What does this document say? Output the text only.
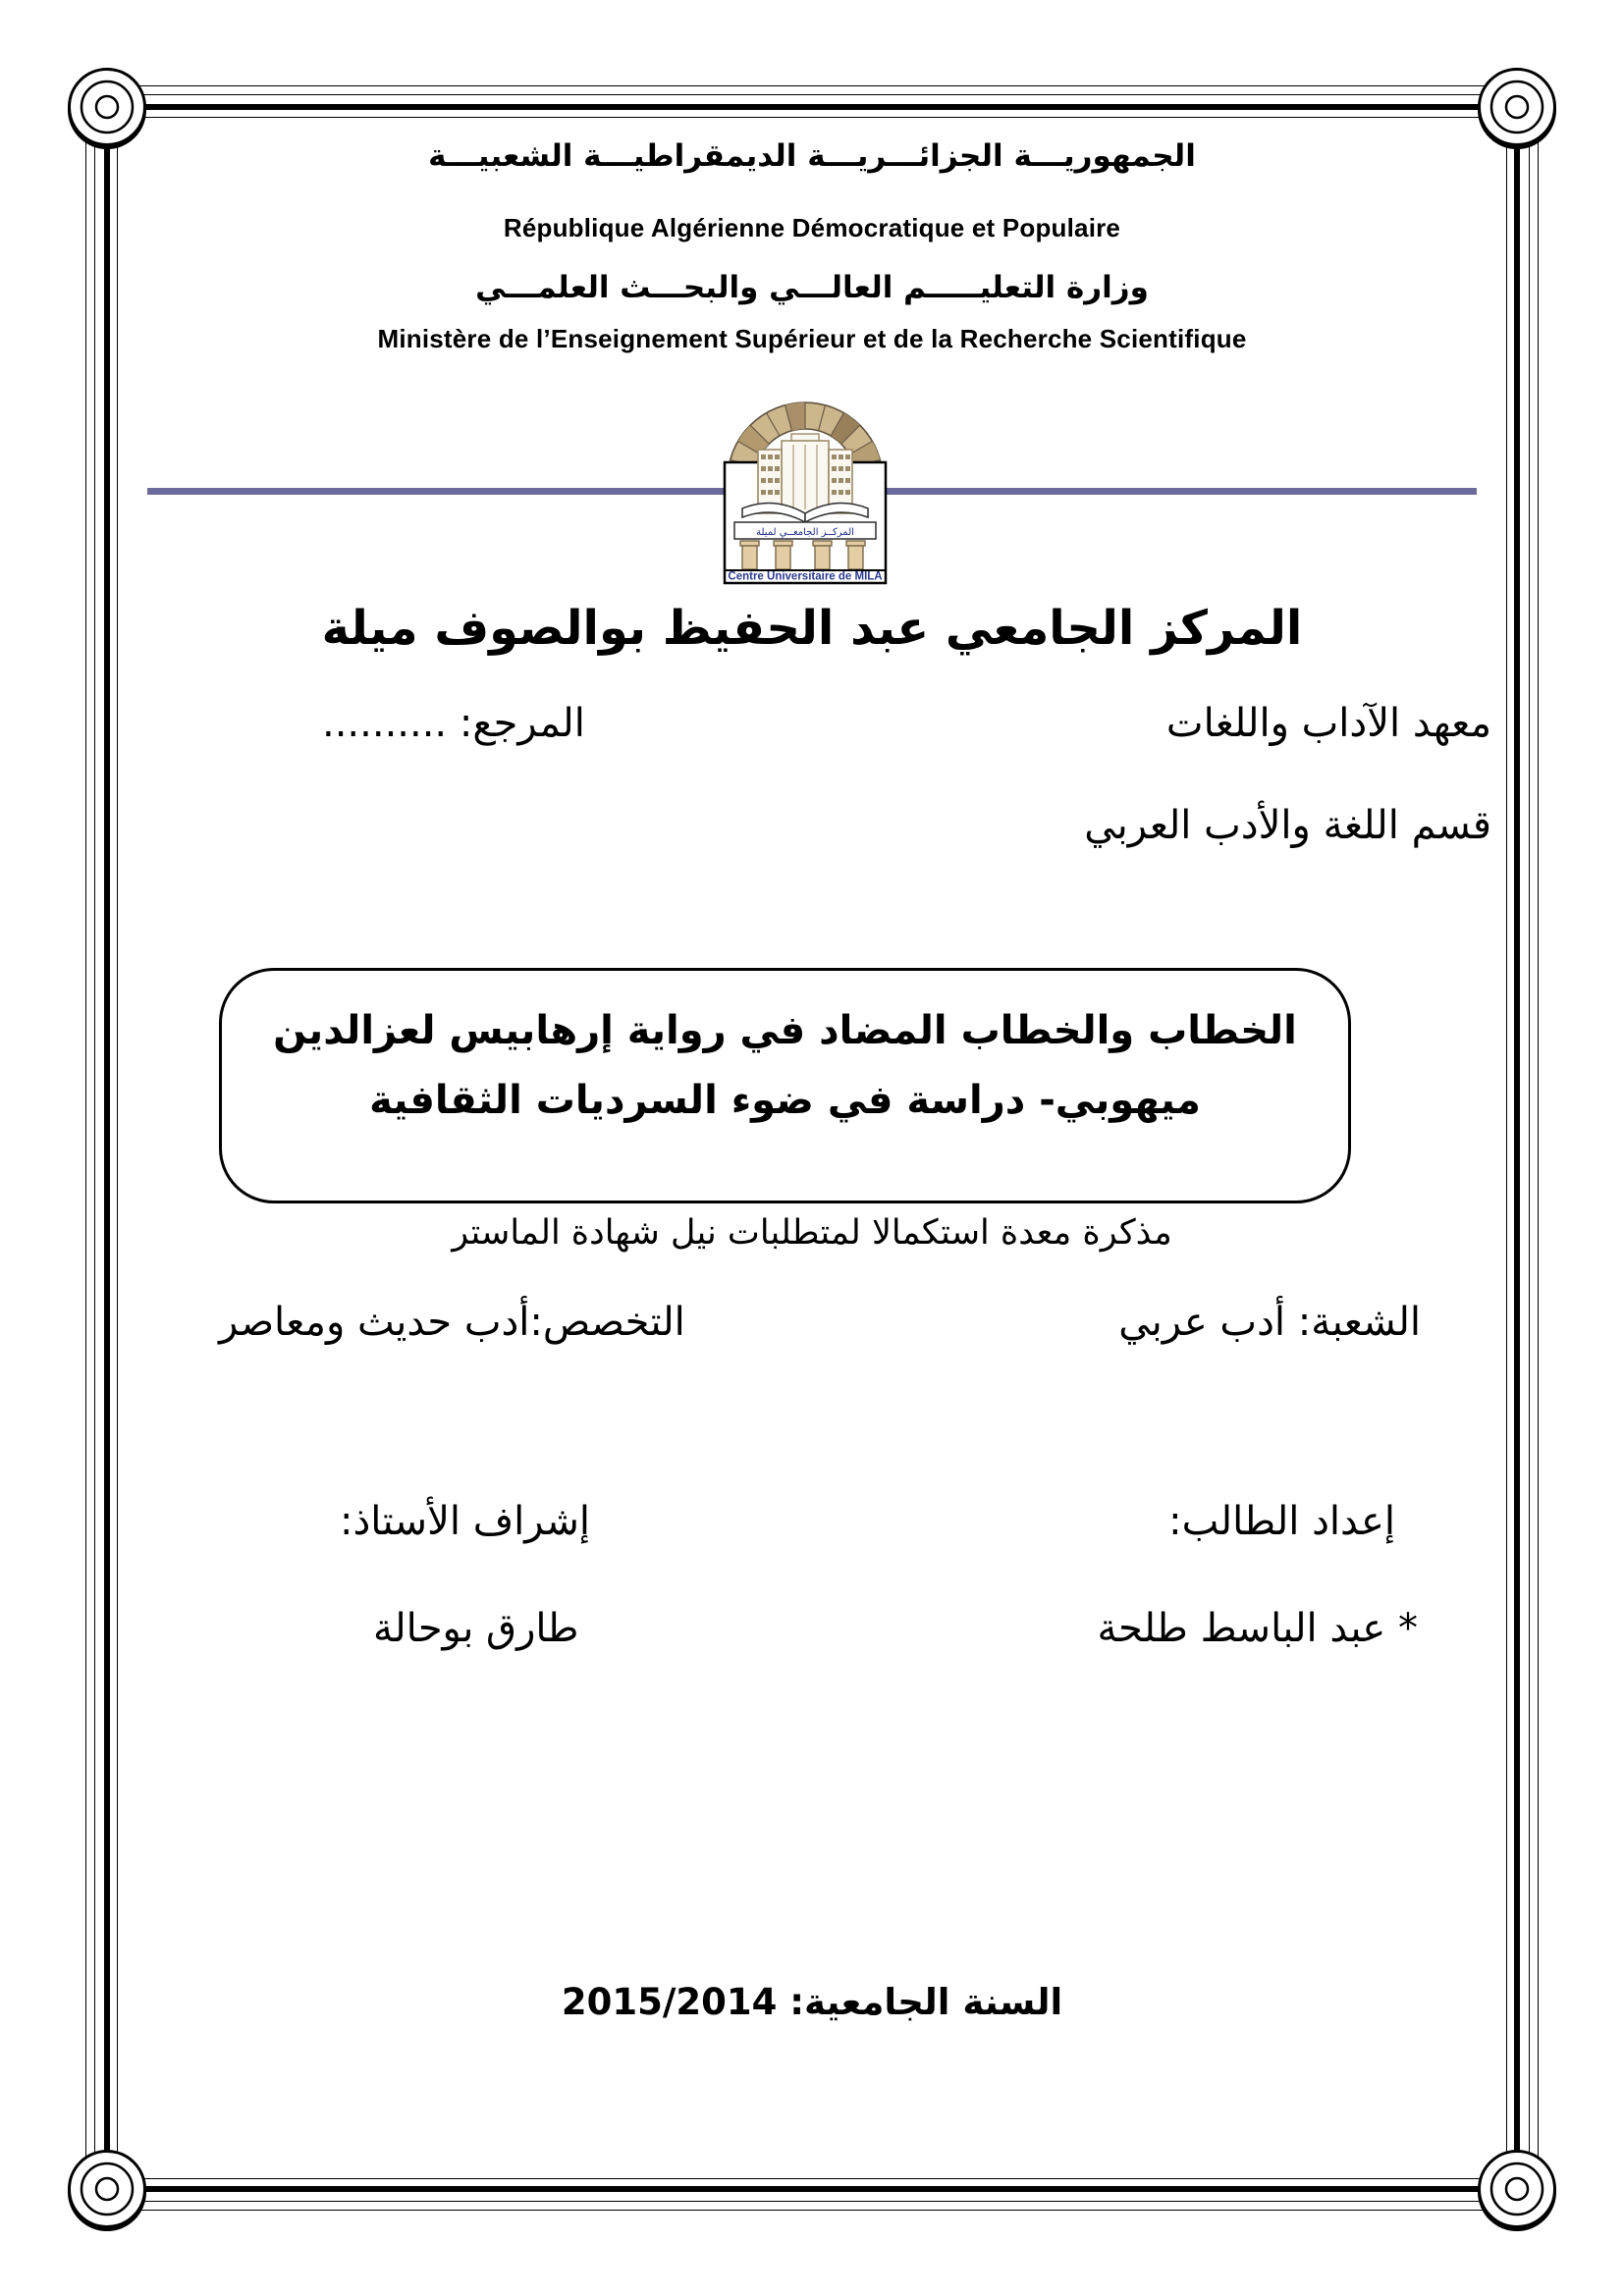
الجمهوريـــة الجزائـــريـــة الديمقراطيـــة الشعبيـــة
République Algérienne Démocratique et Populaire
وزارة التعليـــــم العالـــي والبحـــث العلمـــي
Ministère de l’Enseignement Supérieur et de la Recherche Scientifique
المركــز الجامعــي لميلة
Centre Universitaire de MILA
المركز الجامعي عبد الحفيظ بوالصوف ميلة
معهد الآداب واللغات
المرجع: ..........
قسم اللغة والأدب العربي
الخطاب والخطاب المضاد في رواية إرهابيس لعزالدين
ميهوبي- دراسة في ضوء السرديات الثقافية
مذكرة معدة استكمالا لمتطلبات نيل شهادة الماستر
الشعبة: أدب عربي
التخصص:أدب حديث ومعاصر
إعداد الطالب:
إشراف الأستاذ:
* عبد الباسط طلحة
طارق بوحالة
السنة الجامعية: 2015/2014
